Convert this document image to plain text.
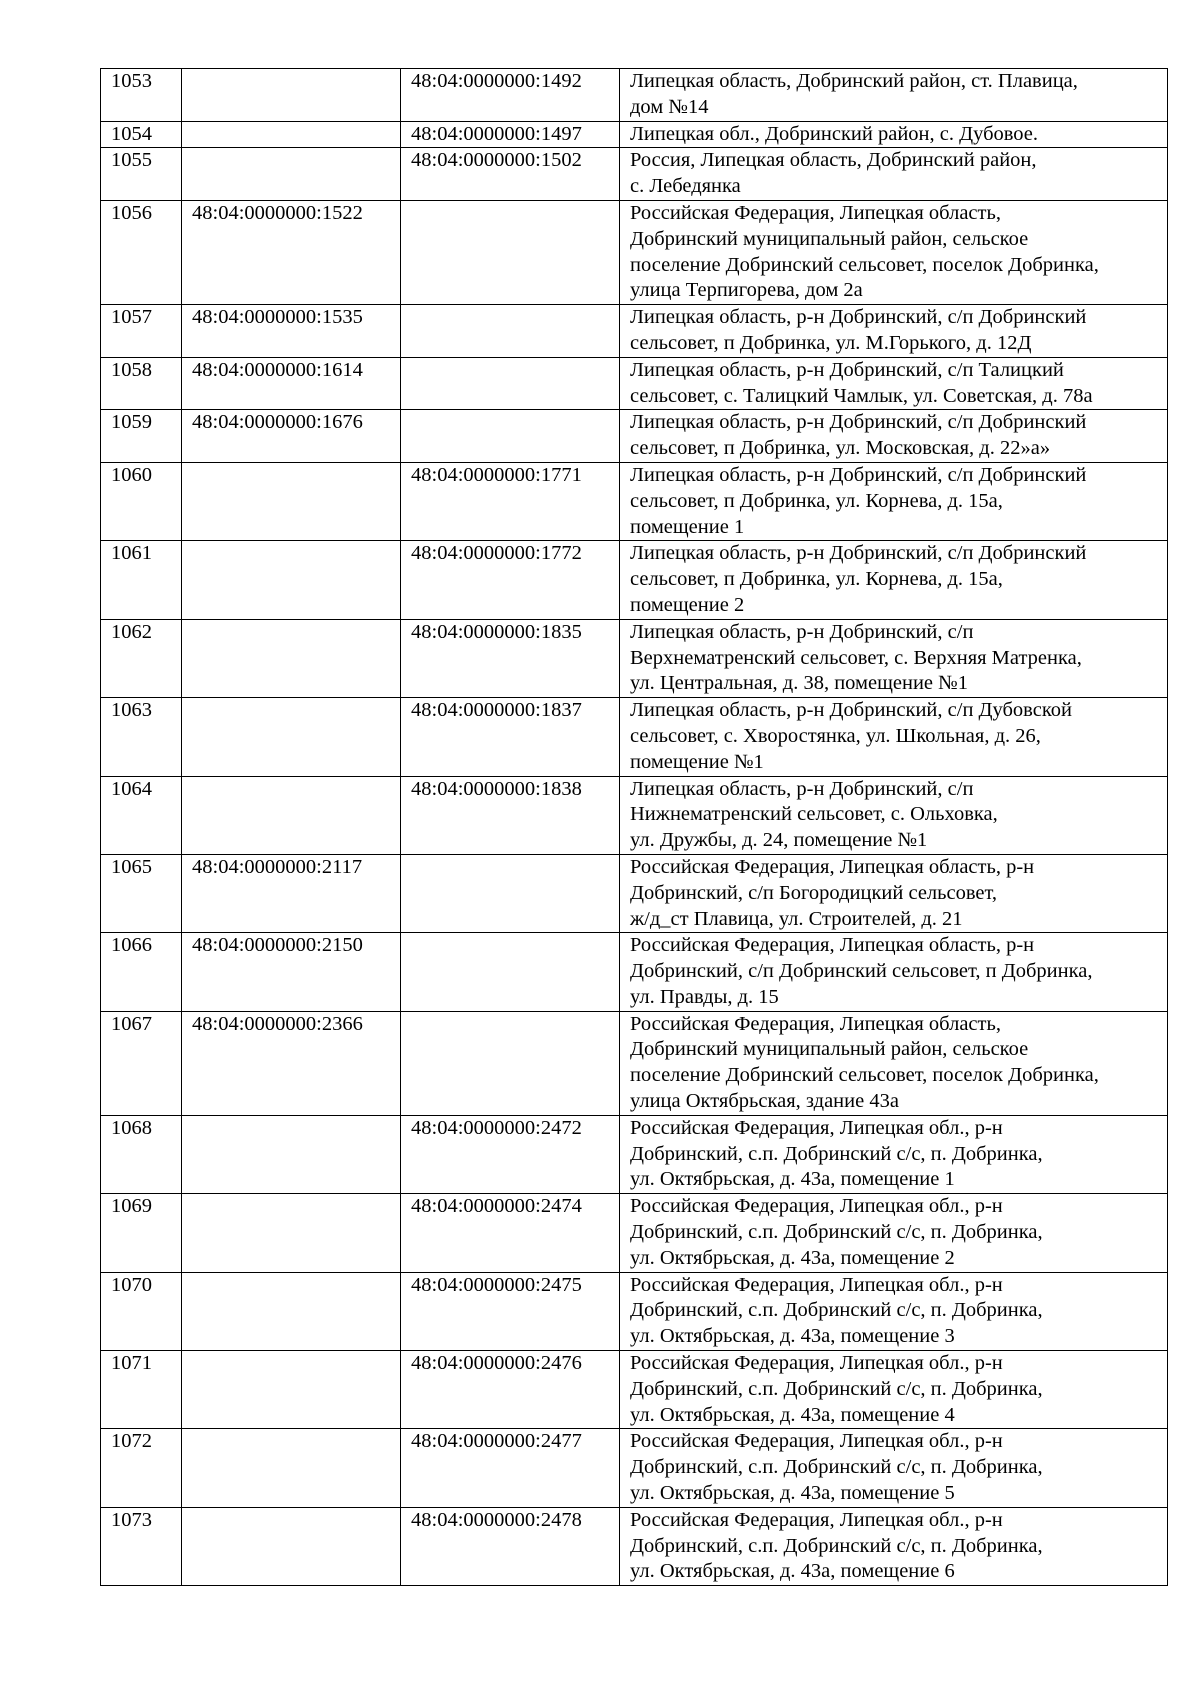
1053		48:04:0000000:1492	Липецкая область, Добринский район, ст. Плавица,
дом №14
1054		48:04:0000000:1497	Липецкая обл., Добринский район, с. Дубовое.
1055		48:04:0000000:1502	Россия, Липецкая область, Добринский район,
с. Лебедянка
1056	48:04:0000000:1522		Российская Федерация, Липецкая область,
Добринский муниципальный район, сельское
поселение Добринский сельсовет, поселок Добринка,
улица Терпигорева, дом 2а
1057	48:04:0000000:1535		Липецкая область, р-н Добринский, с/п Добринский
сельсовет, п Добринка, ул. М.Горького, д. 12Д
1058	48:04:0000000:1614		Липецкая область, р-н Добринский, с/п Талицкий
сельсовет, с. Талицкий Чамлык, ул. Советская, д. 78а
1059	48:04:0000000:1676		Липецкая область, р-н Добринский, с/п Добринский
сельсовет, п Добринка, ул. Московская, д. 22»а»
1060		48:04:0000000:1771	Липецкая область, р-н Добринский, с/п Добринский
сельсовет, п Добринка, ул. Корнева, д. 15а,
помещение 1
1061		48:04:0000000:1772	Липецкая область, р-н Добринский, с/п Добринский
сельсовет, п Добринка, ул. Корнева, д. 15а,
помещение 2
1062		48:04:0000000:1835	Липецкая область, р-н Добринский, с/п
Верхнематренский сельсовет, с. Верхняя Матренка,
ул. Центральная, д. 38, помещение №1
1063		48:04:0000000:1837	Липецкая область, р-н Добринский, с/п Дубовской
сельсовет, с. Хворостянка, ул. Школьная, д. 26,
помещение №1
1064		48:04:0000000:1838	Липецкая область, р-н Добринский, с/п
Нижнематренский сельсовет, с. Ольховка,
ул. Дружбы, д. 24, помещение №1
1065	48:04:0000000:2117		Российская Федерация, Липецкая область, р-н
Добринский, с/п Богородицкий сельсовет,
ж/д_ст Плавица, ул. Строителей, д. 21
1066	48:04:0000000:2150		Российская Федерация, Липецкая область, р-н
Добринский, с/п Добринский сельсовет, п Добринка,
ул. Правды, д. 15
1067	48:04:0000000:2366		Российская Федерация, Липецкая область,
Добринский муниципальный район, сельское
поселение Добринский сельсовет, поселок Добринка,
улица Октябрьская, здание 43а
1068		48:04:0000000:2472	Российская Федерация, Липецкая обл., р-н
Добринский, с.п. Добринский с/с, п. Добринка,
ул. Октябрьская, д. 43а, помещение 1
1069		48:04:0000000:2474	Российская Федерация, Липецкая обл., р-н
Добринский, с.п. Добринский с/с, п. Добринка,
ул. Октябрьская, д. 43а, помещение 2
1070		48:04:0000000:2475	Российская Федерация, Липецкая обл., р-н
Добринский, с.п. Добринский с/с, п. Добринка,
ул. Октябрьская, д. 43а, помещение 3
1071		48:04:0000000:2476	Российская Федерация, Липецкая обл., р-н
Добринский, с.п. Добринский с/с, п. Добринка,
ул. Октябрьская, д. 43а, помещение 4
1072		48:04:0000000:2477	Российская Федерация, Липецкая обл., р-н
Добринский, с.п. Добринский с/с, п. Добринка,
ул. Октябрьская, д. 43а, помещение 5
1073		48:04:0000000:2478	Российская Федерация, Липецкая обл., р-н
Добринский, с.п. Добринский с/с, п. Добринка,
ул. Октябрьская, д. 43а, помещение 6
